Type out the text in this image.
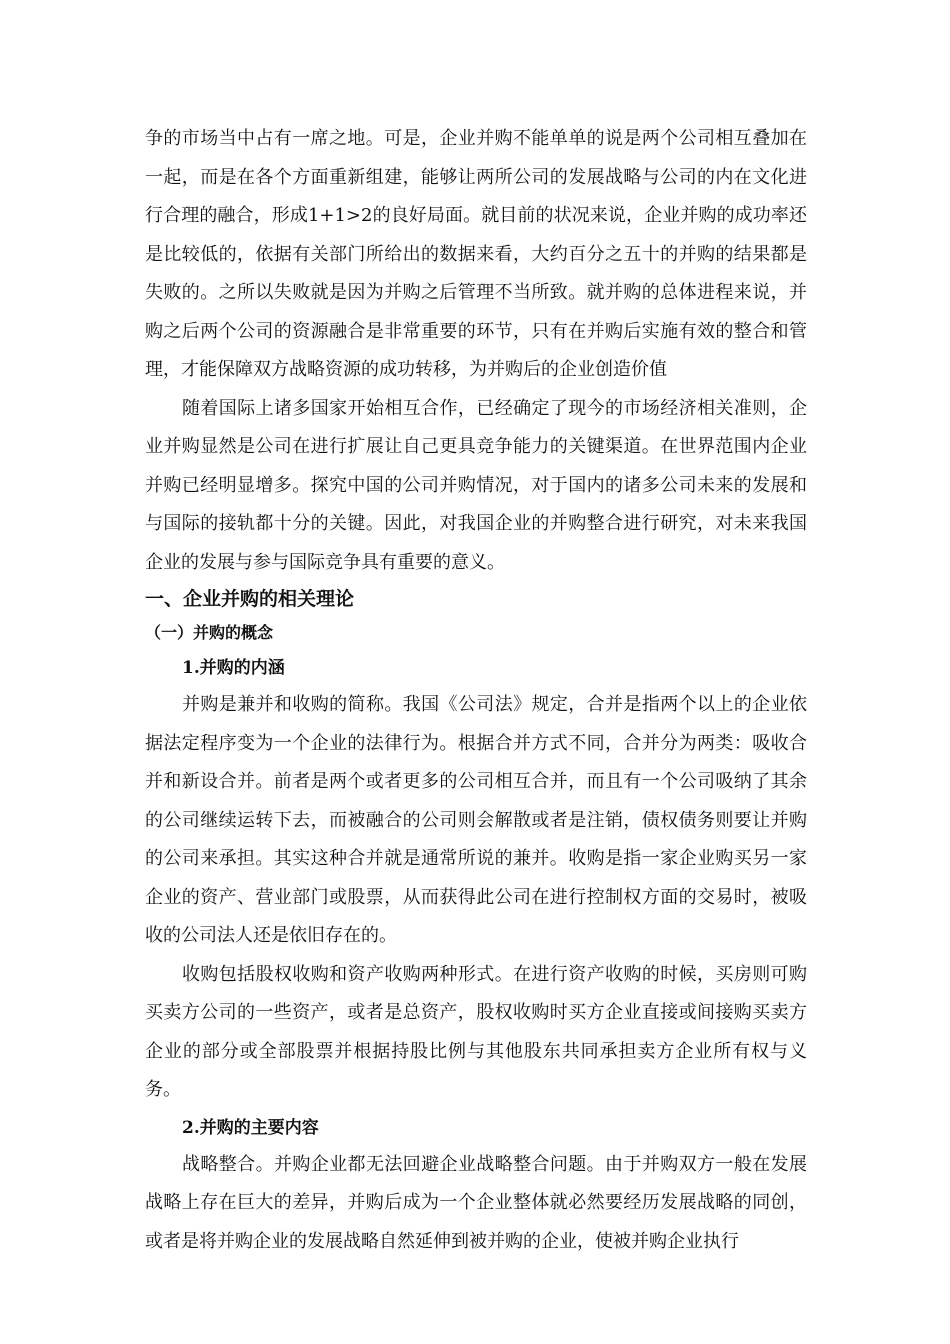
争的市场当中占有一席之地。可是，企业并购不能单单的说是两个公司相互叠加在一起，而是在各个方面重新组建，能够让两所公司的发展战略与公司的内在文化进行合理的融合，形成1+1>2的良好局面。就目前的状况来说，企业并购的成功率还是比较低的，依据有关部门所给出的数据来看，大约百分之五十的并购的结果都是失败的。之所以失败就是因为并购之后管理不当所致。就并购的总体进程来说，并购之后两个公司的资源融合是非常重要的环节，只有在并购后实施有效的整合和管理，才能保障双方战略资源的成功转移，为并购后的企业创造价值

随着国际上诸多国家开始相互合作，已经确定了现今的市场经济相关准则，企业并购显然是公司在进行扩展让自己更具竞争能力的关键渠道。在世界范围内企业并购已经明显增多。探究中国的公司并购情况，对于国内的诸多公司未来的发展和与国际的接轨都十分的关键。因此，对我国企业的并购整合进行研究，对未来我国企业的发展与参与国际竞争具有重要的意义。

一、企业并购的相关理论
（一）并购的概念
1.并购的内涵

并购是兼并和收购的简称。我国《公司法》规定，合并是指两个以上的企业依据法定程序变为一个企业的法律行为。根据合并方式不同，合并分为两类：吸收合并和新设合并。前者是两个或者更多的公司相互合并，而且有一个公司吸纳了其余的公司继续运转下去，而被融合的公司则会解散或者是注销，债权债务则要让并购的公司来承担。其实这种合并就是通常所说的兼并。收购是指一家企业购买另一家企业的资产、营业部门或股票，从而获得此公司在进行控制权方面的交易时，被吸收的公司法人还是依旧存在的。

收购包括股权收购和资产收购两种形式。在进行资产收购的时候，买房则可购买卖方公司的一些资产，或者是总资产，股权收购时买方企业直接或间接购买卖方企业的部分或全部股票并根据持股比例与其他股东共同承担卖方企业所有权与义务。

2.并购的主要内容

战略整合。并购企业都无法回避企业战略整合问题。由于并购双方一般在发展战略上存在巨大的差异，并购后成为一个企业整体就必然要经历发展战略的同创，或者是将并购企业的发展战略自然延伸到被并购的企业，使被并购企业执行
